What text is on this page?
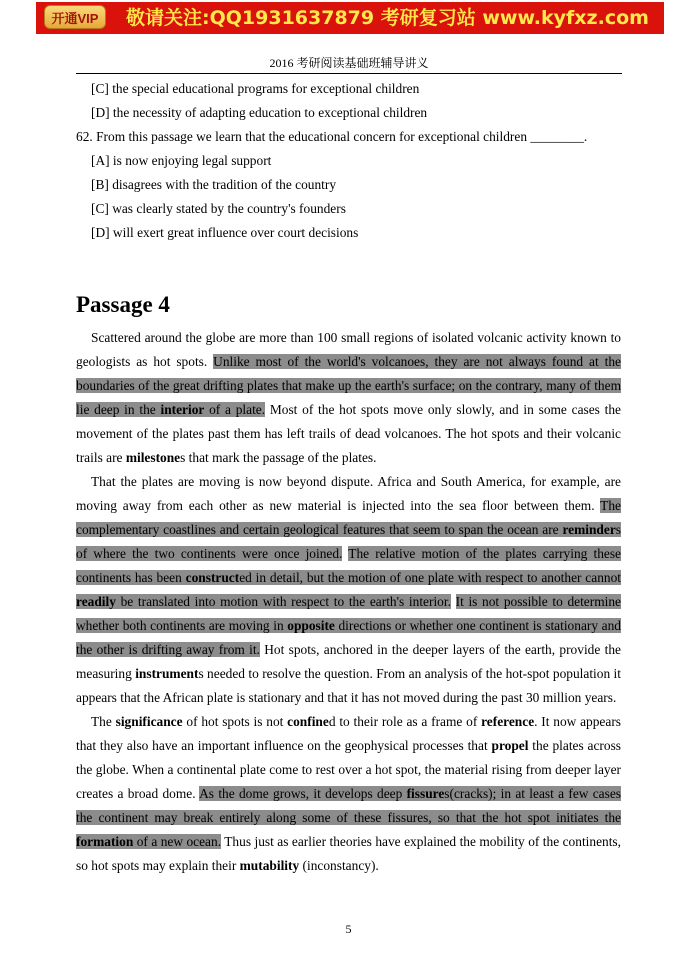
开通VIP	敬请关注:QQ1931637879 考研复习站 www.kyfxz.com
2016 考研阅读基础班辅导讲义
[C] the special educational programs for exceptional children
[D] the necessity of adapting education to exceptional children
62. From this passage we learn that the educational concern for exceptional children ________.
[A] is now enjoying legal support
[B] disagrees with the tradition of the country
[C] was clearly stated by the country's founders
[D] will exert great influence over court decisions
Passage 4

Scattered around the globe are more than 100 small regions of isolated volcanic activity known to geologists as hot spots. Unlike most of the world's volcanoes, they are not always found at the boundaries of the great drifting plates that make up the earth's surface; on the contrary, many of them lie deep in the interior of a plate. Most of the hot spots move only slowly, and in some cases the movement of the plates past them has left trails of dead volcanoes. The hot spots and their volcanic trails are milestones that mark the passage of the plates.

That the plates are moving is now beyond dispute. Africa and South America, for example, are moving away from each other as new material is injected into the sea floor between them. The complementary coastlines and certain geological features that seem to span the ocean are reminders of where the two continents were once joined. The relative motion of the plates carrying these continents has been constructed in detail, but the motion of one plate with respect to another cannot readily be translated into motion with respect to the earth's interior. It is not possible to determine whether both continents are moving in opposite directions or whether one continent is stationary and the other is drifting away from it. Hot spots, anchored in the deeper layers of the earth, provide the measuring instruments needed to resolve the question. From an analysis of the hot-spot population it appears that the African plate is stationary and that it has not moved during the past 30 million years.

The significance of hot spots is not confined to their role as a frame of reference. It now appears that they also have an important influence on the geophysical processes that propel the plates across the globe. When a continental plate come to rest over a hot spot, the material rising from deeper layer creates a broad dome. As the dome grows, it develops deep fissures(cracks); in at least a few cases the continent may break entirely along some of these fissures, so that the hot spot initiates the formation of a new ocean. Thus just as earlier theories have explained the mobility of the continents, so hot spots may explain their mutability (inconstancy).

5
